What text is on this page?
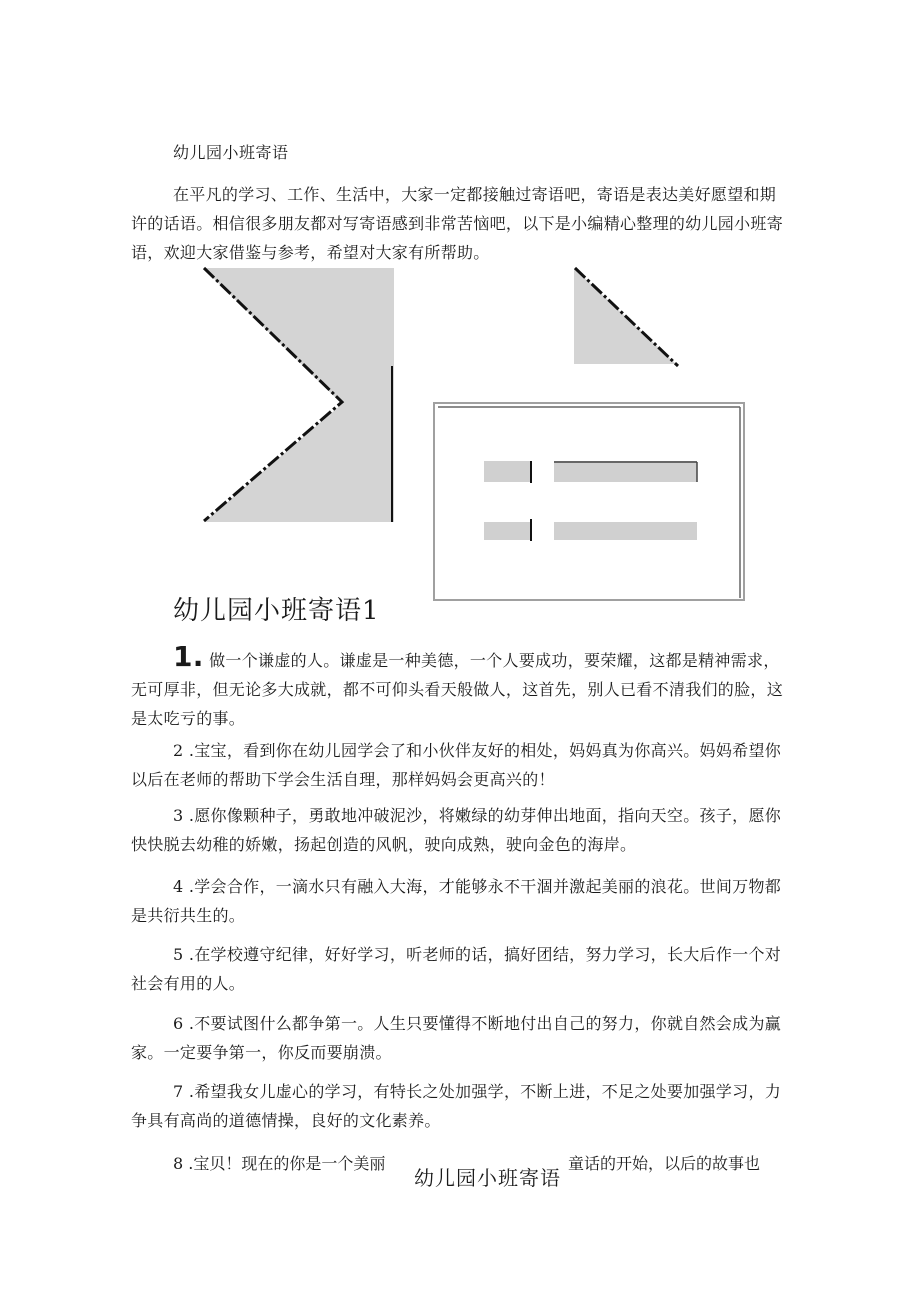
幼儿园小班寄语
在平凡的学习、工作、生活中，大家一定都接触过寄语吧，寄语是表达美好愿望和期许的话语。相信很多朋友都对写寄语感到非常苦恼吧，以下是小编精心整理的幼儿园小班寄语，欢迎大家借鉴与参考，希望对大家有所帮助。
幼儿园小班寄语1
1. 做一个谦虚的人。谦虚是一种美德，一个人要成功，要荣耀，这都是精神需求，无可厚非，但无论多大成就，都不可仰头看天般做人，这首先，别人已看不清我们的脸，这是太吃亏的事。
2 .宝宝，看到你在幼儿园学会了和小伙伴友好的相处，妈妈真为你高兴。妈妈希望你以后在老师的帮助下学会生活自理，那样妈妈会更高兴的！
3 .愿你像颗种子，勇敢地冲破泥沙，将嫩绿的幼芽伸出地面，指向天空。孩子，愿你快快脱去幼稚的娇嫩，扬起创造的风帆，驶向成熟，驶向金色的海岸。
4 .学会合作，一滴水只有融入大海，才能够永不干涸并激起美丽的浪花。世间万物都是共衍共生的。
5 .在学校遵守纪律，好好学习，听老师的话，搞好团结，努力学习，长大后作一个对社会有用的人。
6 .不要试图什么都争第一。人生只要懂得不断地付出自己的努力，你就自然会成为赢家。一定要争第一，你反而要崩溃。
7 .希望我女儿虚心的学习，有特长之处加强学，不断上进，不足之处要加强学习，力争具有高尚的道德情操，良好的文化素养。
8 .宝贝！现在的你是一个美丽
幼儿园小班寄语
童话的开始，以后的故事也
